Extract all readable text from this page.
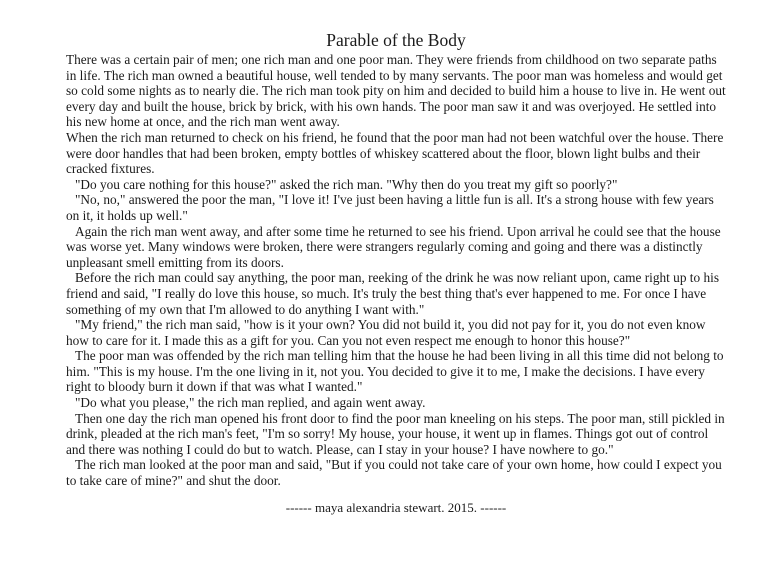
Parable of the Body

There was a certain pair of men; one rich man and one poor man. They were friends from childhood on two separate paths in life. The rich man owned a beautiful house, well tended to by many servants. The poor man was homeless and would get so cold some nights as to nearly die. The rich man took pity on him and decided to build him a house to live in. He went out every day and built the house, brick by brick, with his own hands. The poor man saw it and was overjoyed. He settled into his new home at once, and the rich man went away.

When the rich man returned to check on his friend, he found that the poor man had not been watchful over the house. There were door handles that had been broken, empty bottles of whiskey scattered about the floor, blown light bulbs and their cracked fixtures.

"Do you care nothing for this house?" asked the rich man. "Why then do you treat my gift so poorly?"

"No, no," answered the poor the man, "I love it! I've just been having a little fun is all. It's a strong house with few years on it, it holds up well."

Again the rich man went away, and after some time he returned to see his friend. Upon arrival he could see that the house was worse yet. Many windows were broken, there were strangers regularly coming and going and there was a distinctly unpleasant smell emitting from its doors.

Before the rich man could say anything, the poor man, reeking of the drink he was now reliant upon, came right up to his friend and said, "I really do love this house, so much. It's truly the best thing that's ever happened to me. For once I have something of my own that I'm allowed to do anything I want with."

"My friend," the rich man said, "how is it your own? You did not build it, you did not pay for it, you do not even know how to care for it. I made this as a gift for you. Can you not even respect me enough to honor this house?"

The poor man was offended by the rich man telling him that the house he had been living in all this time did not belong to him. "This is my house. I'm the one living in it, not you. You decided to give it to me, I make the decisions. I have every right to bloody burn it down if that was what I wanted."

"Do what you please," the rich man replied, and again went away.

Then one day the rich man opened his front door to find the poor man kneeling on his steps. The poor man, still pickled in drink, pleaded at the rich man's feet, "I'm so sorry! My house, your house, it went up in flames. Things got out of control and there was nothing I could do but to watch. Please, can I stay in your house? I have nowhere to go."

The rich man looked at the poor man and said, "But if you could not take care of your own home, how could I expect you to take care of mine?" and shut the door.

------ maya alexandria stewart. 2015. ------
